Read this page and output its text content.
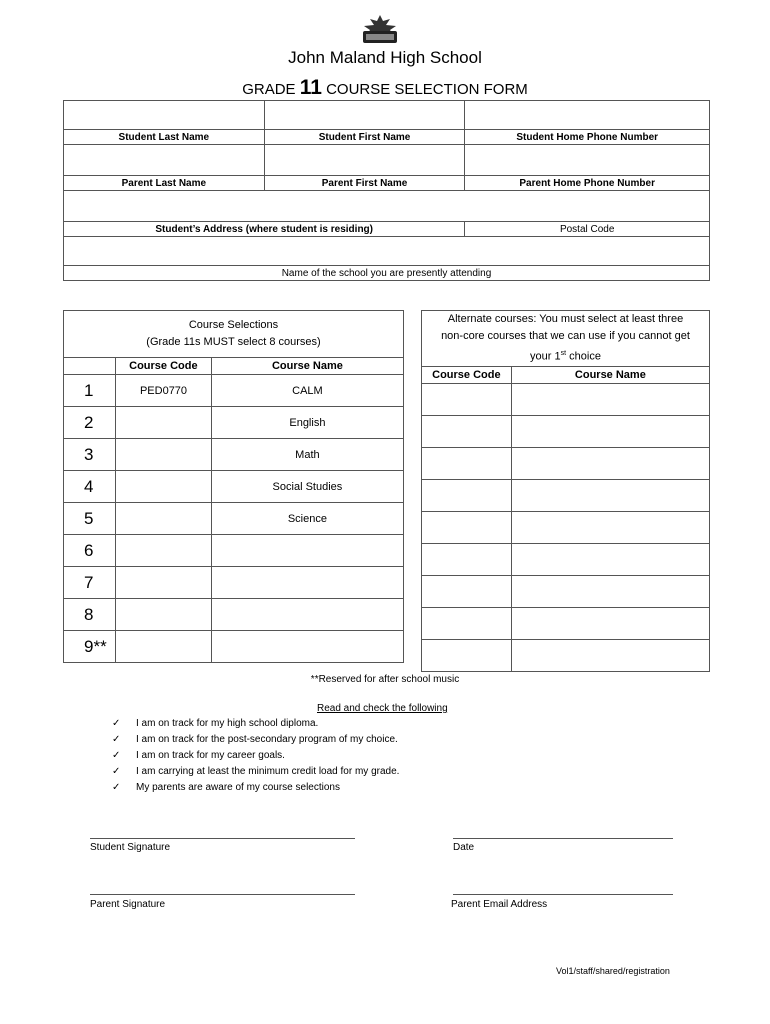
John Maland High School
GRADE 11 COURSE SELECTION FORM

Student Last Name	Student First Name	Student Home Phone Number

Parent Last Name	Parent First Name	Parent Home Phone Number

Student’s Address (where student is residing)		Postal Code

Name of the school you are presently attending		
Course Selections
(Grade 11s MUST select 8 courses)		

	Course Code	Course Name
1	PED0770	CALM
2		English
3		Math
4		Social Studies
5		Science
6		
7		
8		
9**		
Alternate courses: You must select at least three
non-core courses that we can use if you cannot get
your 1st choice	

Course Code	Course Name

**Reserved for after school music
Read and check the following
✓	I am on track for my high school diploma.
✓	I am on track for the post-secondary program of my choice.
✓	I am on track for my career goals.
✓	I am carrying at least the minimum credit load for my grade.
✓	My parents are aware of my course selections
Student Signature	Date
Parent Signature	Parent Email Address
Vol1/staff/shared/registration
